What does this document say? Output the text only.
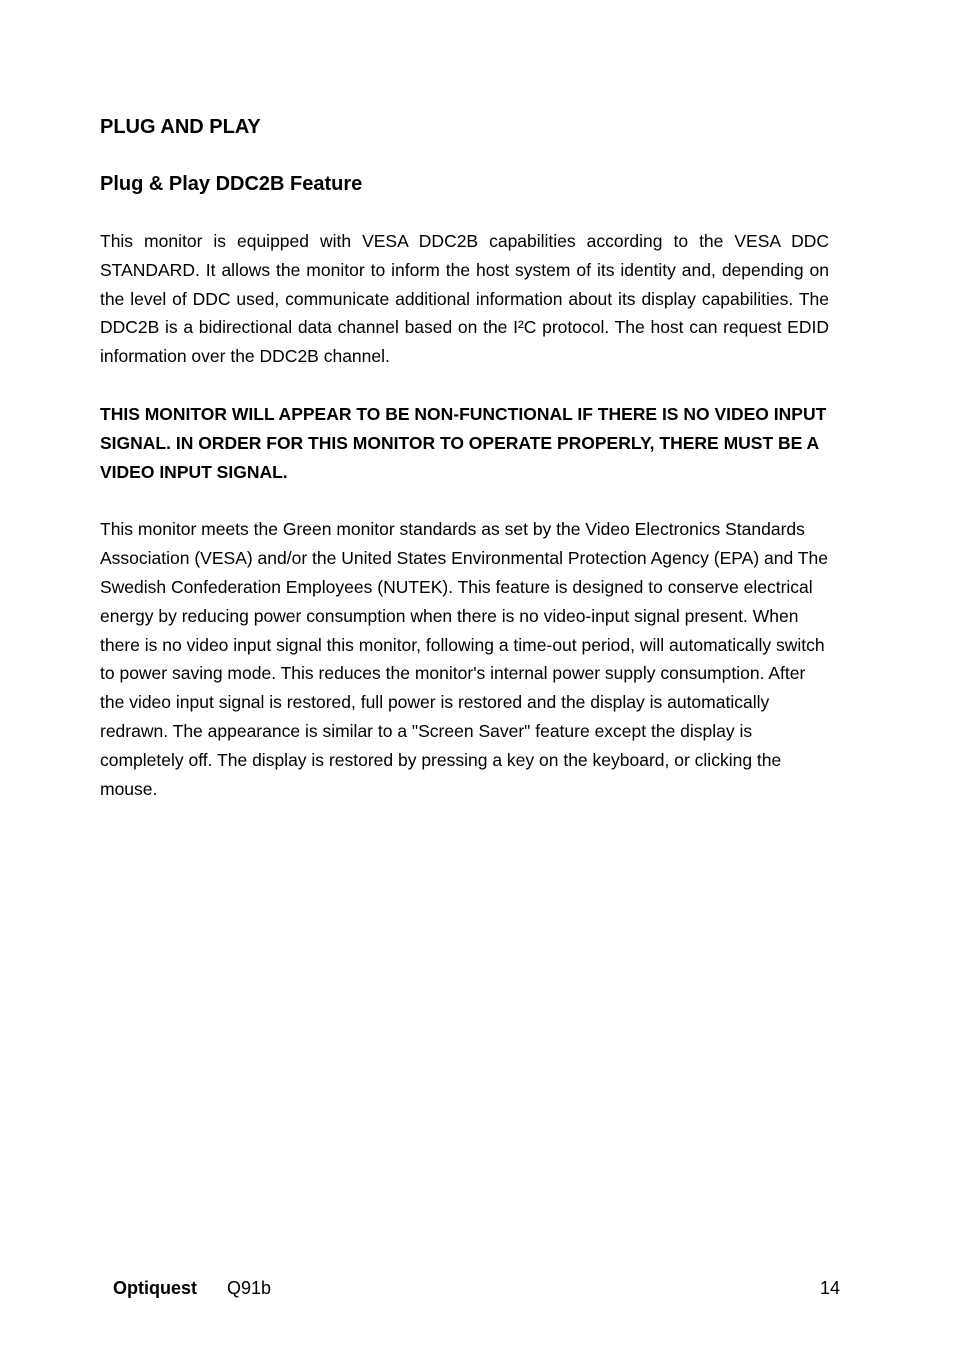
PLUG AND PLAY
Plug & Play DDC2B Feature

This monitor is equipped with VESA DDC2B capabilities according to the VESA DDC STANDARD. It allows the monitor to inform the host system of its identity and, depending on the level of DDC used, communicate additional information about its display capabilities. The DDC2B is a bidirectional data channel based on the I²C protocol. The host can request EDID information over the DDC2B channel.

THIS MONITOR WILL APPEAR TO BE NON-FUNCTIONAL IF THERE IS NO VIDEO INPUT SIGNAL. IN ORDER FOR THIS MONITOR TO OPERATE PROPERLY, THERE MUST BE A VIDEO INPUT SIGNAL.

This monitor meets the Green monitor standards as set by the Video Electronics Standards Association (VESA) and/or the United States Environmental Protection Agency (EPA) and The Swedish Confederation Employees (NUTEK). This feature is designed to conserve electrical energy by reducing power consumption when there is no video-input signal present. When there is no video input signal this monitor, following a time-out period, will automatically switch to power saving mode. This reduces the monitor's internal power supply consumption. After the video input signal is restored, full power is restored and the display is automatically redrawn. The appearance is similar to a "Screen Saver" feature except the display is completely off. The display is restored by pressing a key on the keyboard, or clicking the mouse.

Optiquest Q91b	14
